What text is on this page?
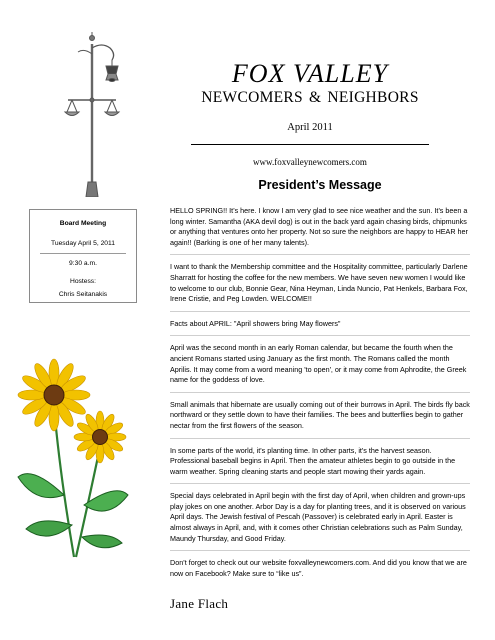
FOX VALLEY
NEWCOMERS & NEIGHBORS
April 2011
www.foxvalleynewcomers.com
President’s Message
Board Meeting
Tuesday April 5, 2011
9:30 a.m.
Hostess:
Chris Seitanakis
HELLO SPRING!! It’s here. I know I am very glad to see nice weather and the sun. It’s been a long winter. Samantha (AKA devil dog) is out in the back yard again chasing birds, chipmunks or anything that ventures onto her property. Not so sure the neighbors are happy to HEAR her again!! (Barking is one of her many talents).
I want to thank the Membership committee and the Hospitality committee, particularly Darlene Sharratt for hosting the coffee for the new members. We have seven new women I would like to welcome to our club, Bonnie Gear, Nina Heyman, Linda Nuncio, Pat Henkels, Barbara Fox, Irene Cristie, and Peg Lowden. WELCOME!!
Facts about APRIL: "April showers bring May flowers"
April was the second month in an early Roman calendar, but became the fourth when the ancient Romans started using January as the first month. The Romans called the month Aprilis. It may come from a word meaning 'to open', or it may come from Aphrodite, the Greek name for the goddess of love.
Small animals that hibernate are usually coming out of their burrows in April. The birds fly back northward or they settle down to have their families. The bees and butterflies begin to gather nectar from the first flowers of the season.
In some parts of the world, it's planting time. In other parts, it's the harvest season. Professional baseball begins in April. Then the amateur athletes begin to go outside in the warm weather. Spring cleaning starts and people start mowing their yards again.
Special days celebrated in April begin with the first day of April, when children and grown-ups play jokes on one another. Arbor Day is a day for planting trees, and it is observed on various April days. The Jewish festival of Pescah (Passover) is celebrated early in April. Easter is almost always in April, and, with it comes other Christian celebrations such as Palm Sunday, Maundy Thursday, and Good Friday.
Don’t forget to check out our website foxvalleynewcomers.com. And did you know that we are now on Facebook? Make sure to “like us”.
Jane Flach
